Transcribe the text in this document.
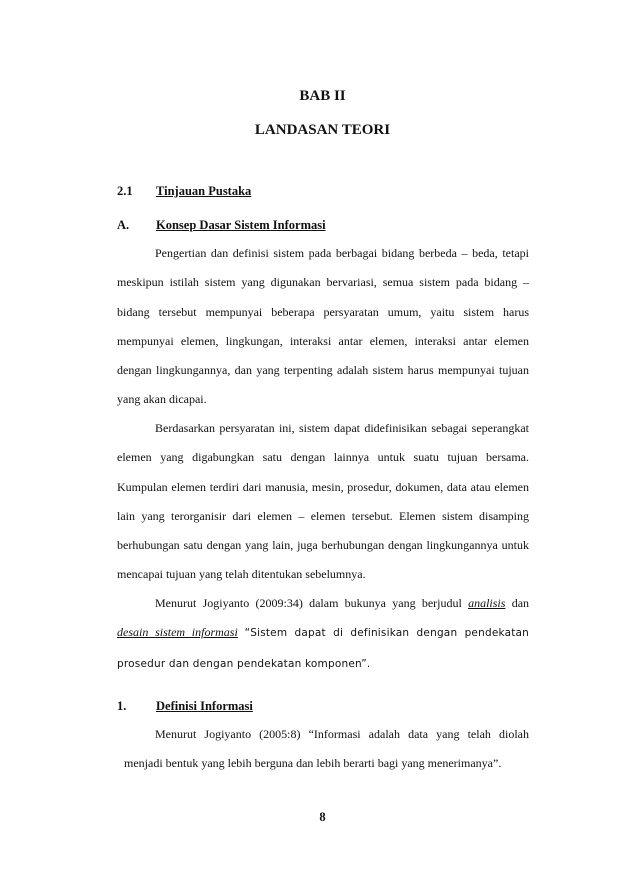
BAB II
LANDASAN TEORI
2.1 Tinjauan Pustaka
A. Konsep Dasar Sistem Informasi

Pengertian dan definisi sistem pada berbagai bidang berbeda – beda, tetapi meskipun istilah sistem yang digunakan bervariasi, semua sistem pada bidang – bidang tersebut mempunyai beberapa persyaratan umum, yaitu sistem harus mempunyai elemen, lingkungan, interaksi antar elemen, interaksi antar elemen dengan lingkungannya, dan yang terpenting adalah sistem harus mempunyai tujuan yang akan dicapai.

Berdasarkan persyaratan ini, sistem dapat didefinisikan sebagai seperangkat elemen yang digabungkan satu dengan lainnya untuk suatu tujuan bersama. Kumpulan elemen terdiri dari manusia, mesin, prosedur, dokumen, data atau elemen lain yang terorganisir dari elemen – elemen tersebut. Elemen sistem disamping berhubungan satu dengan yang lain, juga berhubungan dengan lingkungannya untuk mencapai tujuan yang telah ditentukan sebelumnya.

Menurut Jogiyanto (2009:34) dalam bukunya yang berjudul analisis dan desain sistem informasi “Sistem dapat di definisikan dengan pendekatan prosedur dan dengan pendekatan komponen”.

1. Definisi Informasi

Menurut Jogiyanto (2005:8) “Informasi adalah data yang telah diolah menjadi bentuk yang lebih berguna dan lebih berarti bagi yang menerimanya”.

8
